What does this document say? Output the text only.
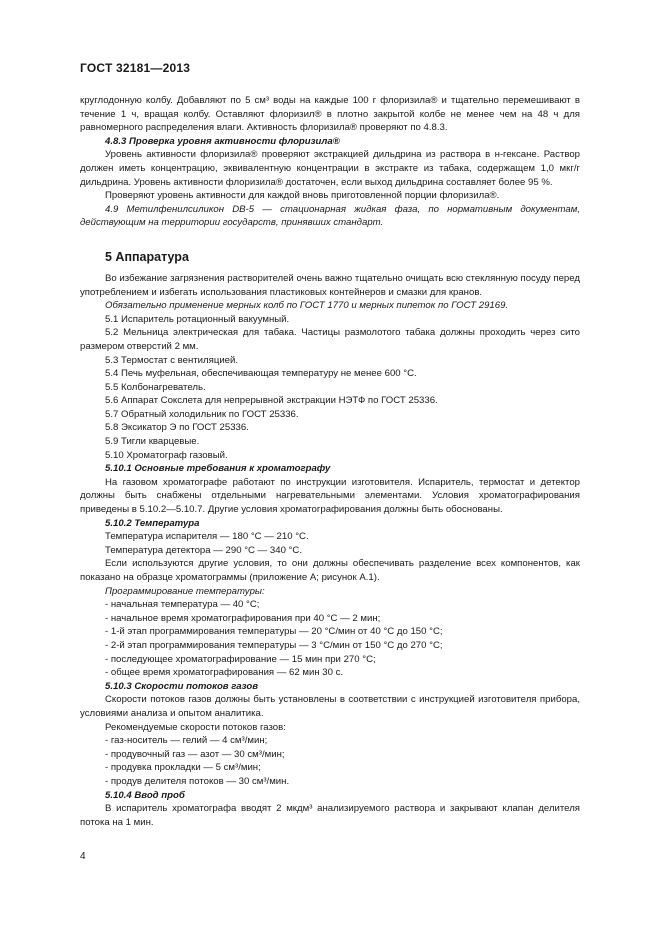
ГОСТ 32181—2013

круглодонную колбу. Добавляют по 5 см³ воды на каждые 100 г флоризила® и тщательно перемешивают в течение 1 ч, вращая колбу. Оставляют флоризил® в плотно закрытой колбе не менее чем на 48 ч для равномерного распределения влаги. Активность флоризила® проверяют по 4.8.3.

4.8.3 Проверка уровня активности флоризила®

Уровень активности флоризила® проверяют экстракцией дильдрина из раствора в н-гексане. Раствор должен иметь концентрацию, эквивалентную концентрации в экстракте из табака, содержащем 1,0 мкг/г дильдрина. Уровень активности флоризила® достаточен, если выход дильдрина составляет более 95 %.

Проверяют уровень активности для каждой вновь приготовленной порции флоризила®.

4.9 Метилфенилсиликон DB-5 — стационарная жидкая фаза, по нормативным документам, действующим на территории государств, принявших стандарт.

5 Аппаратура

Во избежание загрязнения растворителей очень важно тщательно очищать всю стеклянную посуду перед употреблением и избегать использования пластиковых контейнеров и смазки для кранов.

Обязательно применение мерных колб по ГОСТ 1770 и мерных пипеток по ГОСТ 29169.

5.1 Испаритель ротационный вакуумный.

5.2 Мельница электрическая для табака. Частицы размолотого табака должны проходить через сито размером отверстий 2 мм.

5.3 Термостат с вентиляцией.

5.4 Печь муфельная, обеспечивающая температуру не менее 600 °С.

5.5 Колбонагреватель.

5.6 Аппарат Сокслета для непрерывной экстракции НЭТФ по ГОСТ 25336.

5.7 Обратный холодильник по ГОСТ 25336.

5.8 Эксикатор Э по ГОСТ 25336.

5.9 Тигли кварцевые.

5.10 Хроматограф газовый.

5.10.1 Основные требования к хроматографу

На газовом хроматографе работают по инструкции изготовителя. Испаритель, термостат и детектор должны быть снабжены отдельными нагревательными элементами. Условия хроматографирования приведены в 5.10.2—5.10.7. Другие условия хроматографирования должны быть обоснованы.

5.10.2 Температура

Температура испарителя — 180 °С — 210 °С.

Температура детектора — 290 °С — 340 °С.

Если используются другие условия, то они должны обеспечивать разделение всех компонентов, как показано на образце хроматограммы (приложение А; рисунок А.1).

Программирование температуры:

- начальная температура — 40 °С;

- начальное время хроматографирования при 40 °С — 2 мин;

- 1-й этап программирования температуры — 20 °С/мин от 40 °С до 150 °С;

- 2-й этап программирования температуры — 3 °С/мин от 150 °С до 270 °С;

- последующее хроматографирование — 15 мин при 270 °С;

- общее время хроматографирования — 62 мин 30 с.

5.10.3 Скорости потоков газов

Скорости потоков газов должны быть установлены в соответствии с инструкцией изготовителя прибора, условиями анализа и опытом аналитика.

Рекомендуемые скорости потоков газов:

- газ-носитель — гелий — 4 см³/мин;

- продувочный газ — азот — 30 см³/мин;

- продувка прокладки — 5 см³/мин;

- продув делителя потоков — 30 см³/мин.

5.10.4 Ввод проб

В испаритель хроматографа вводят 2 мкдм³ анализируемого раствора и закрывают клапан делителя потока на 1 мин.

4
